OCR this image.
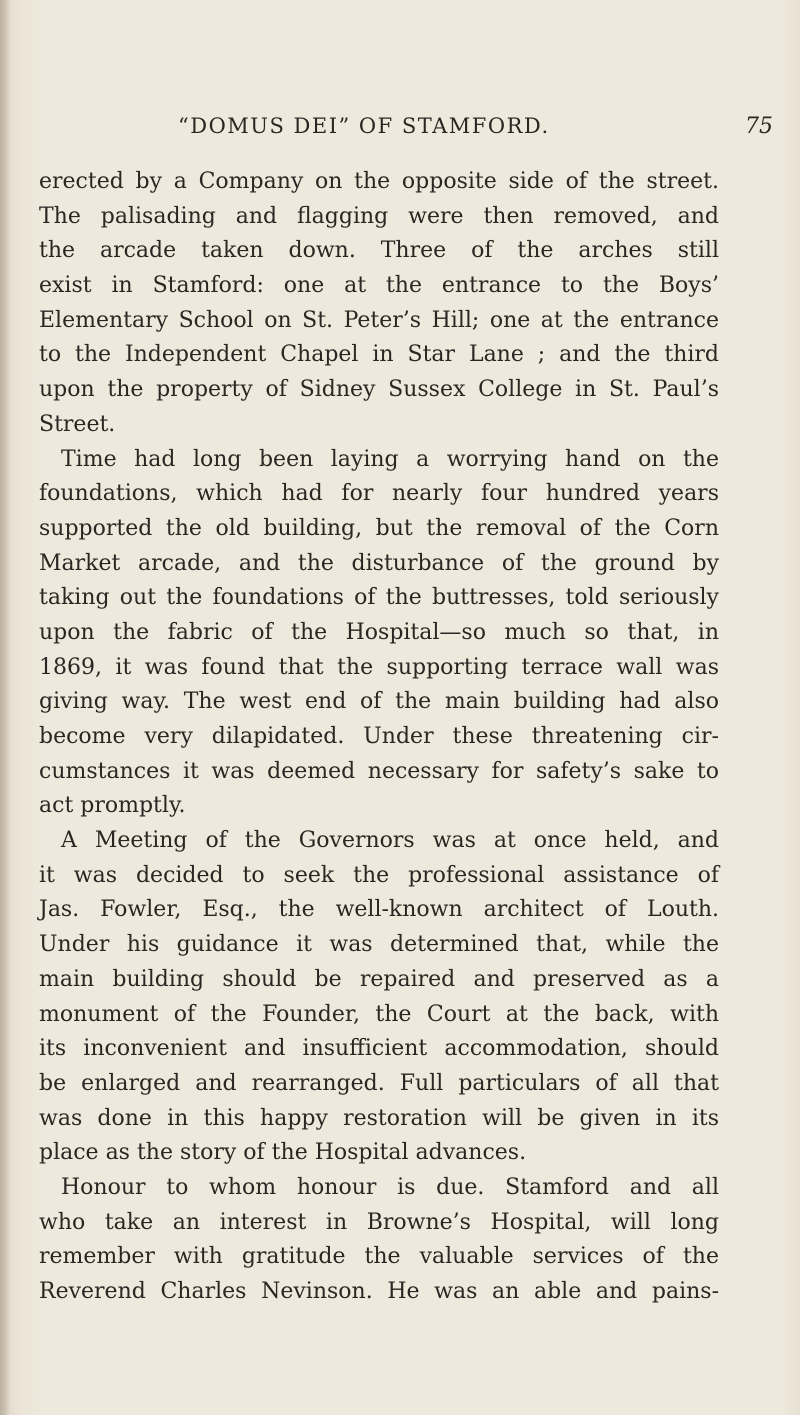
“DOMUS DEI” OF STAMFORD.	75
erected by a Company on the opposite side of the street.
The palisading and flagging were then removed, and
the arcade taken down. Three of the arches still
exist in Stamford: one at the entrance to the Boys’
Elementary School on St. Peter’s Hill; one at the entrance
to the Independent Chapel in Star Lane ; and the third
upon the property of Sidney Sussex College in St. Paul’s
Street.
Time had long been laying a worrying hand on the
foundations, which had for nearly four hundred years
supported the old building, but the removal of the Corn
Market arcade, and the disturbance of the ground by
taking out the foundations of the buttresses, told seriously
upon the fabric of the Hospital—so much so that, in
1869, it was found that the supporting terrace wall was
giving way. The west end of the main building had also
become very dilapidated. Under these threatening cir-
cumstances it was deemed necessary for safety’s sake to
act promptly.
A Meeting of the Governors was at once held, and
it was decided to seek the professional assistance of
Jas. Fowler, Esq., the well-known architect of Louth.
Under his guidance it was determined that, while the
main building should be repaired and preserved as a
monument of the Founder, the Court at the back, with
its inconvenient and insufficient accommodation, should
be enlarged and rearranged. Full particulars of all that
was done in this happy restoration will be given in its
place as the story of the Hospital advances.
Honour to whom honour is due. Stamford and all
who take an interest in Browne’s Hospital, will long
remember with gratitude the valuable services of the
Reverend Charles Nevinson. He was an able and pains-
